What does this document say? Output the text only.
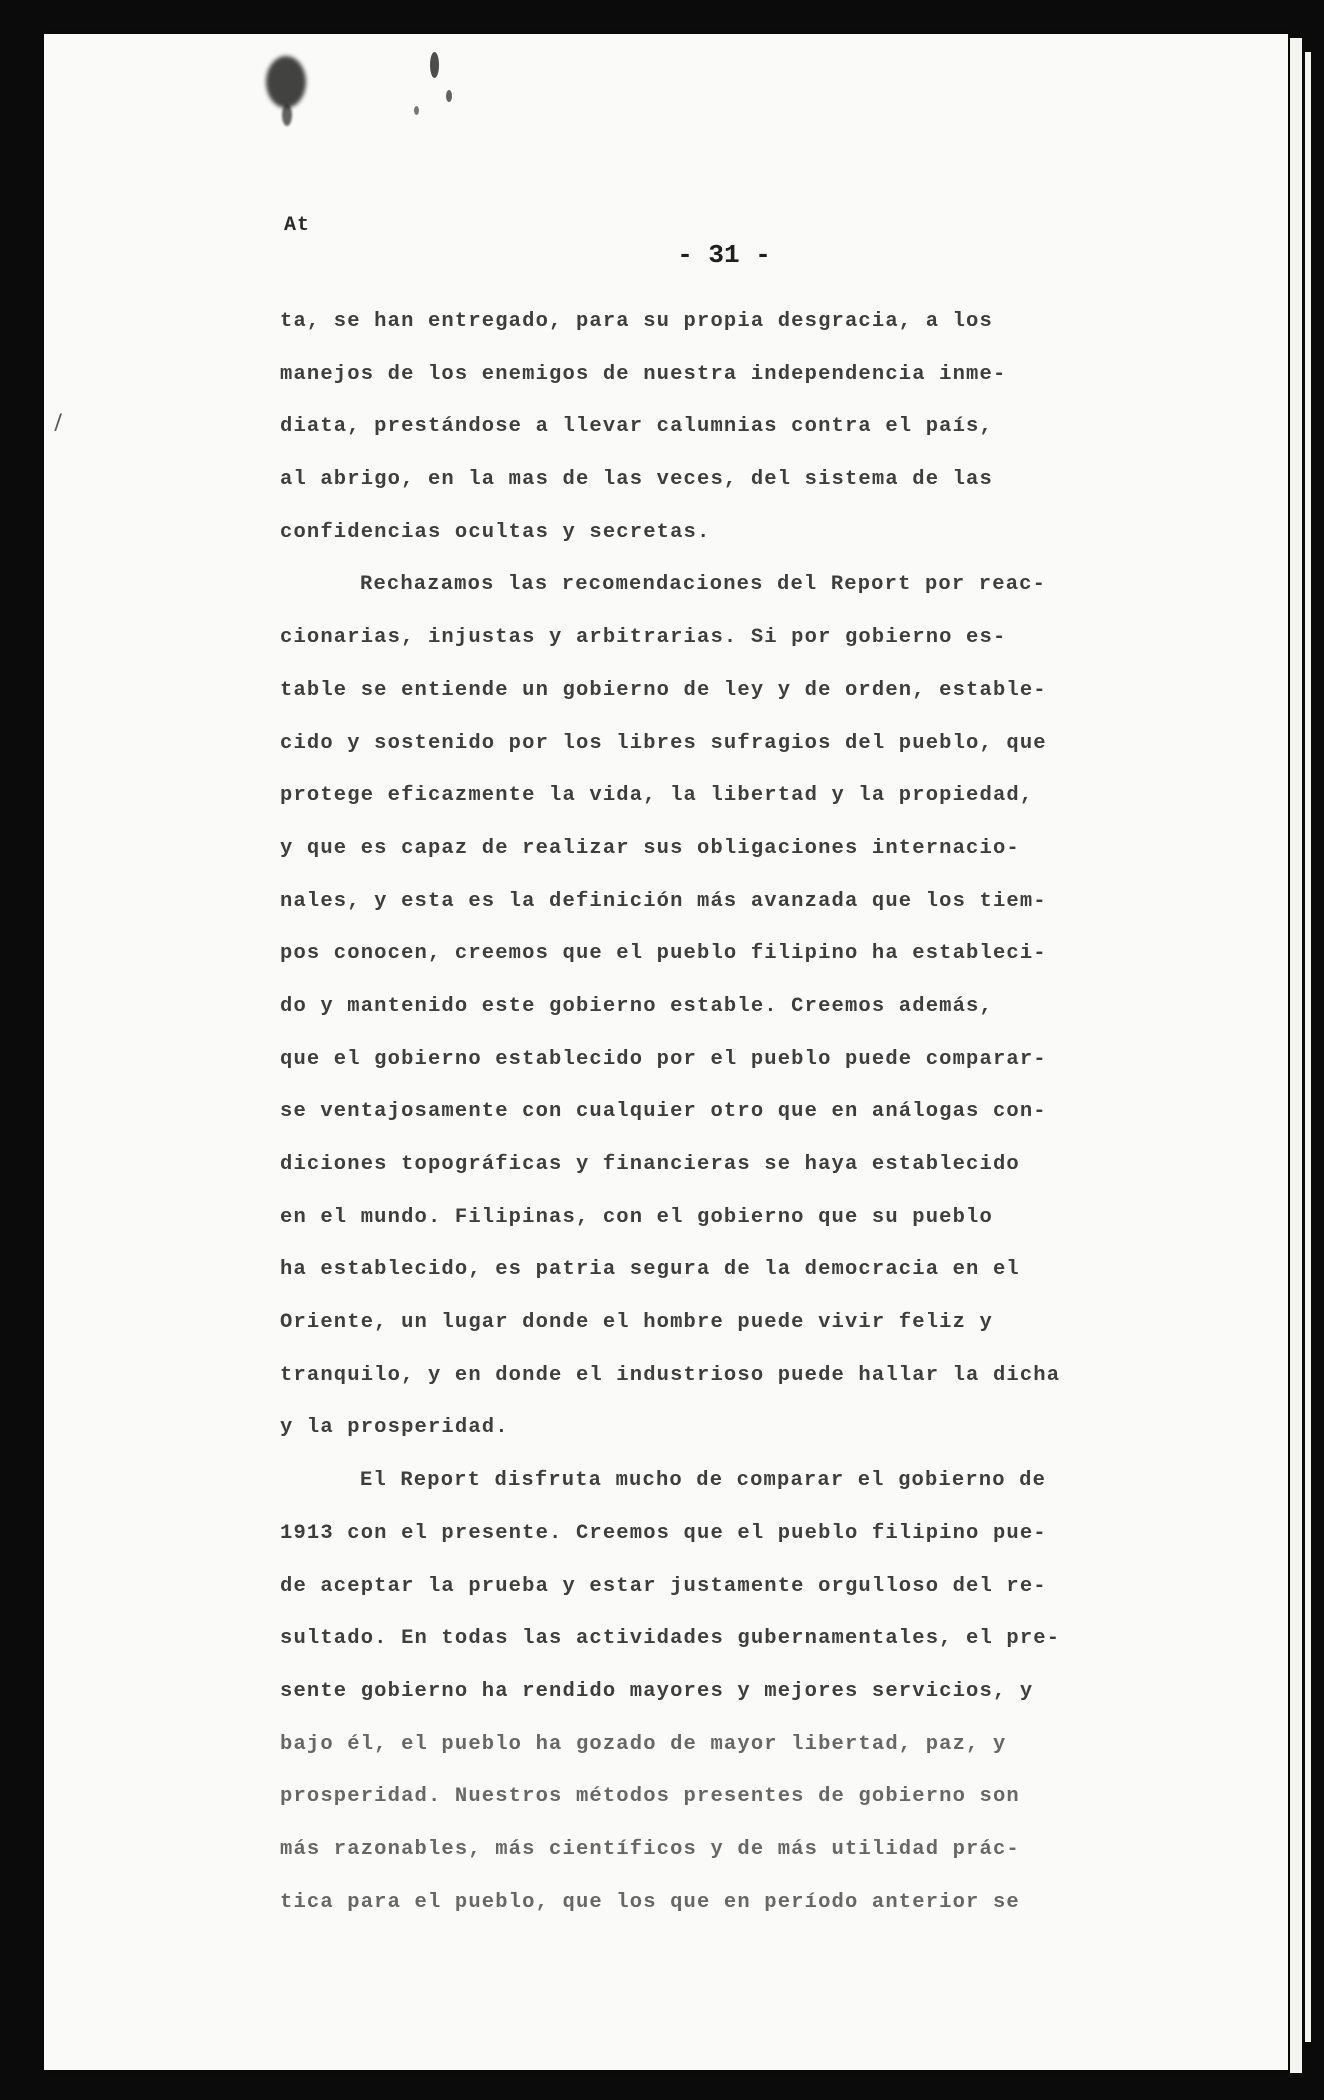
/
At
- 31 -
ta, se han entregado, para su propia desgracia, a los
manejos de los enemigos de nuestra independencia inme-
diata, prestándose a llevar calumnias contra el país,
al abrigo, en la mas de las veces, del sistema de las
confidencias ocultas y secretas.
Rechazamos las recomendaciones del Report por reac-
cionarias, injustas y arbitrarias. Si por gobierno es-
table se entiende un gobierno de ley y de orden, estable-
cido y sostenido por los libres sufragios del pueblo, que
protege eficazmente la vida, la libertad y la propiedad,
y que es capaz de realizar sus obligaciones internacio-
nales, y esta es la definición más avanzada que los tiem-
pos conocen, creemos que el pueblo filipino ha estableci-
do y mantenido este gobierno estable. Creemos además,
que el gobierno establecido por el pueblo puede comparar-
se ventajosamente con cualquier otro que en análogas con-
diciones topográficas y financieras se haya establecido
en el mundo. Filipinas, con el gobierno que su pueblo
ha establecido, es patria segura de la democracia en el
Oriente, un lugar donde el hombre puede vivir feliz y
tranquilo, y en donde el industrioso puede hallar la dicha
y la prosperidad.
El Report disfruta mucho de comparar el gobierno de
1913 con el presente. Creemos que el pueblo filipino pue-
de aceptar la prueba y estar justamente orgulloso del re-
sultado. En todas las actividades gubernamentales, el pre-
sente gobierno ha rendido mayores y mejores servicios, y
bajo él, el pueblo ha gozado de mayor libertad, paz, y
prosperidad. Nuestros métodos presentes de gobierno son
más razonables, más científicos y de más utilidad prác-
tica para el pueblo, que los que en período anterior se
